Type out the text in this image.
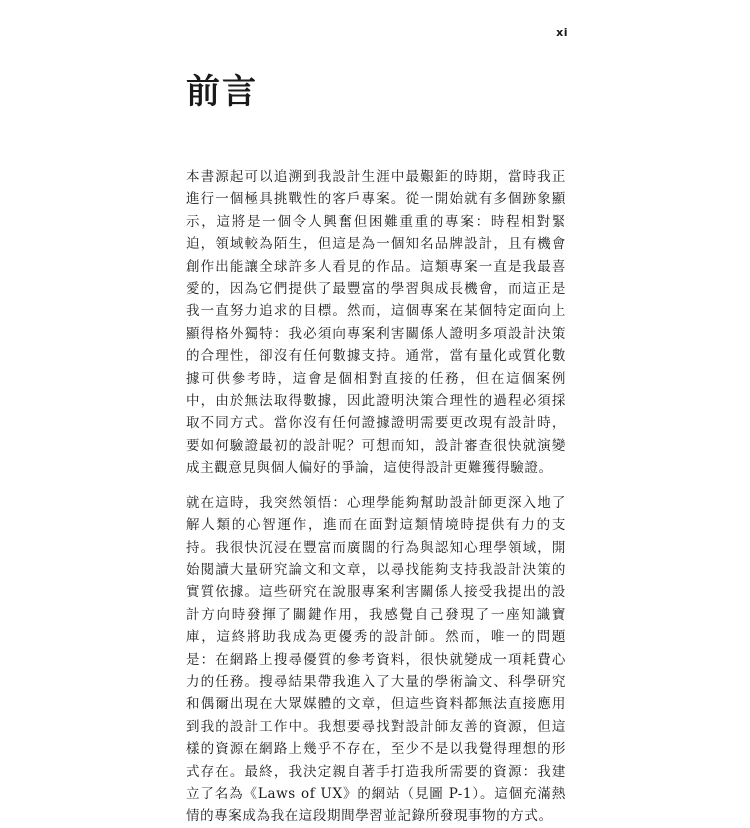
xi
前言

本書源起可以追溯到我設計生涯中最艱鉅的時期，當時我正進行一個極具挑戰性的客戶專案。從一開始就有多個跡象顯示，這將是一個令人興奮但困難重重的專案：時程相對緊迫，領域較為陌生，但這是為一個知名品牌設計，且有機會創作出能讓全球許多人看見的作品。這類專案一直是我最喜愛的，因為它們提供了最豐富的學習與成長機會，而這正是我一直努力追求的目標。然而，這個專案在某個特定面向上顯得格外獨特：我必須向專案利害關係人證明多項設計決策的合理性，卻沒有任何數據支持。通常，當有量化或質化數據可供參考時，這會是個相對直接的任務，但在這個案例中，由於無法取得數據，因此證明決策合理性的過程必須採取不同方式。當你沒有任何證據證明需要更改現有設計時，要如何驗證最初的設計呢？可想而知，設計審查很快就演變成主觀意見與個人偏好的爭論，這使得設計更難獲得驗證。

就在這時，我突然領悟：心理學能夠幫助設計師更深入地了解人類的心智運作，進而在面對這類情境時提供有力的支持。我很快沉浸在豐富而廣闊的行為與認知心理學領域，開始閱讀大量研究論文和文章，以尋找能夠支持我設計決策的實質依據。這些研究在說服專案利害關係人接受我提出的設計方向時發揮了關鍵作用，我感覺自己發現了一座知識寶庫，這終將助我成為更優秀的設計師。然而，唯一的問題是：在網路上搜尋優質的參考資料，很快就變成一項耗費心力的任務。搜尋結果帶我進入了大量的學術論文、科學研究和偶爾出現在大眾媒體的文章，但這些資料都無法直接應用到我的設計工作中。我想要尋找對設計師友善的資源，但這樣的資源在網路上幾乎不存在，至少不是以我覺得理想的形式存在。最終，我決定親自著手打造我所需要的資源：我建立了名為《Laws of UX》的網站（見圖 P-1）。這個充滿熱情的專案成為我在這段期間學習並記錄所發現事物的方式。
